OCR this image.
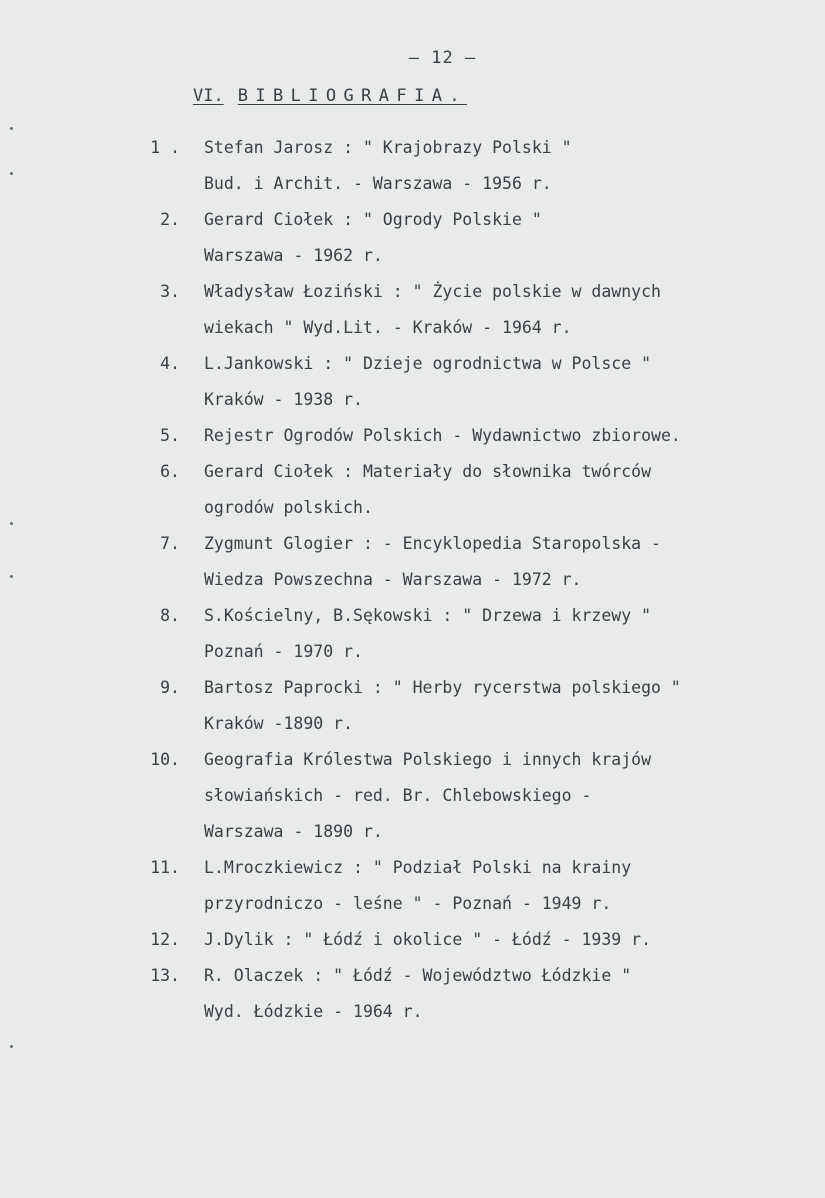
— 12 —
VI. BIBLIOGRAFIA.
1 . Stefan Jarosz : " Krajobrazy Polski "
Bud. i Archit. - Warszawa - 1956 r.
2. Gerard Ciołek : " Ogrody Polskie "
Warszawa - 1962 r.
3. Władysław Łoziński : " Życie polskie w dawnych
wiekach " Wyd.Lit. - Kraków - 1964 r.
4. L.Jankowski : " Dzieje ogrodnictwa w Polsce "
Kraków - 1938 r.
5. Rejestr Ogrodów Polskich - Wydawnictwo zbiorowe.
6. Gerard Ciołek : Materiały do słownika twórców
ogrodów polskich.
7. Zygmunt Glogier : - Encyklopedia Staropolska -
Wiedza Powszechna - Warszawa - 1972 r.
8. S.Kościelny, B.Sękowski : " Drzewa i krzewy "
Poznań - 1970 r.
9. Bartosz Paprocki : " Herby rycerstwa polskiego "
Kraków -1890 r.
10. Geografia Królestwa Polskiego i innych krajów
słowiańskich - red. Br. Chlebowskiego -
Warszawa - 1890 r.
11. L.Mroczkiewicz : " Podział Polski na krainy
przyrodniczo - leśne " - Poznań - 1949 r.
12. J.Dylik : " Łódź i okolice " - Łódź - 1939 r.
13. R. Olaczek : " Łódź - Województwo Łódzkie "
Wyd. Łódzkie - 1964 r.
